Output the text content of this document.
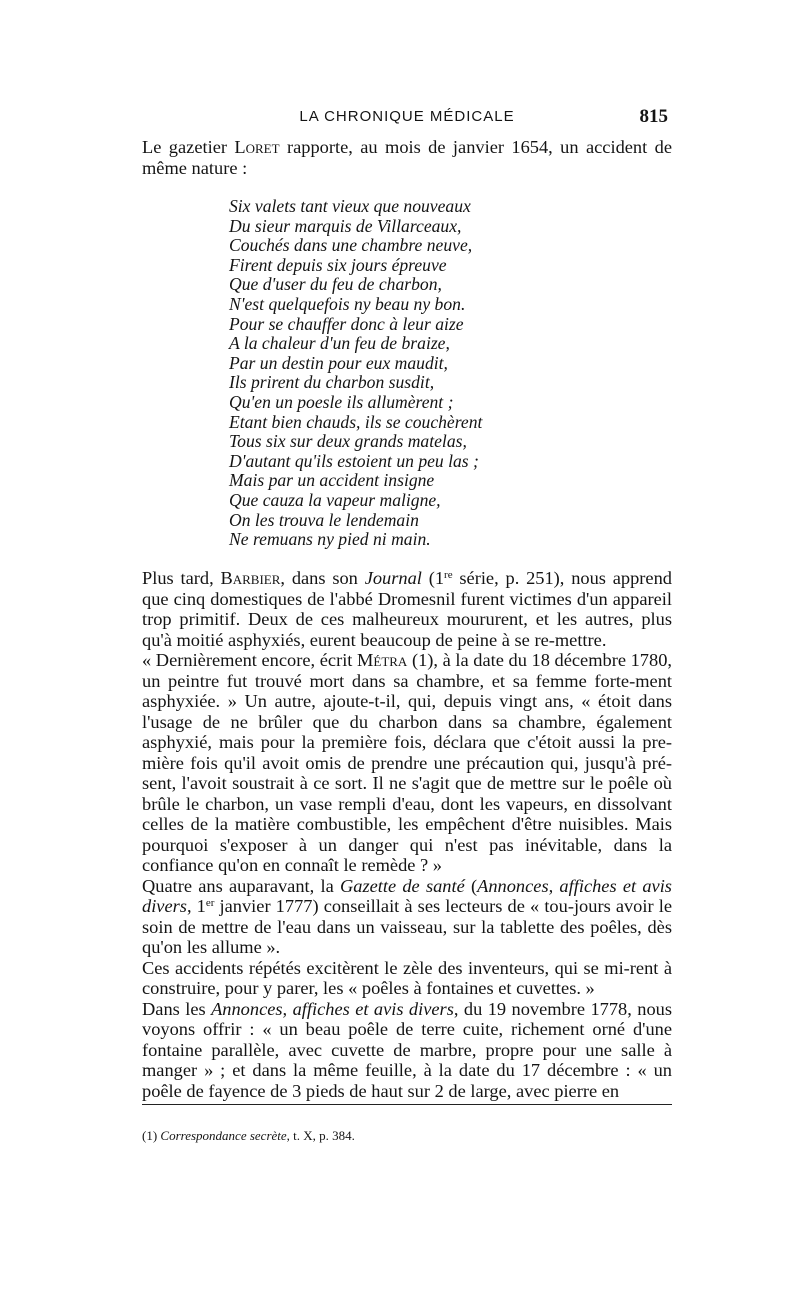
LA CHRONIQUE MÉDICALE	815

Le gazetier Loret rapporte, au mois de janvier 1654, un accident de même nature :

Six valets tant vieux que nouveaux
Du sieur marquis de Villarceaux,
Couchés dans une chambre neuve,
Firent depuis six jours épreuve
Que d'user du feu de charbon,
N'est quelquefois ny beau ny bon.
Pour se chauffer donc à leur aize
A la chaleur d'un feu de braize,
Par un destin pour eux maudit,
Ils prirent du charbon susdit,
Qu'en un poesle ils allumèrent ;
Etant bien chauds, ils se couchèrent
Tous six sur deux grands matelas,
D'autant qu'ils estoient un peu las ;
Mais par un accident insigne
Que cauza la vapeur maligne,
On les trouva le lendemain
Ne remuans ny pied ni main.

Plus tard, Barbier, dans son Journal (1re série, p. 251), nous apprend que cinq domestiques de l'abbé Dromesnil furent victimes d'un appareil trop primitif. Deux de ces malheureux moururent, et les autres, plus qu'à moitié asphyxiés, eurent beaucoup de peine à se re-mettre.

« Dernièrement encore, écrit Métra (1), à la date du 18 décembre 1780, un peintre fut trouvé mort dans sa chambre, et sa femme forte-ment asphyxiée. » Un autre, ajoute-t-il, qui, depuis vingt ans, « étoit dans l'usage de ne brûler que du charbon dans sa chambre, également asphyxié, mais pour la première fois, déclara que c'étoit aussi la pre-mière fois qu'il avoit omis de prendre une précaution qui, jusqu'à pré-sent, l'avoit soustrait à ce sort. Il ne s'agit que de mettre sur le poêle où brûle le charbon, un vase rempli d'eau, dont les vapeurs, en dissolvant celles de la matière combustible, les empêchent d'être nuisibles. Mais pourquoi s'exposer à un danger qui n'est pas inévitable, dans la confiance qu'on en connaît le remède ? »

Quatre ans auparavant, la Gazette de santé (Annonces, affiches et avis divers, 1er janvier 1777) conseillait à ses lecteurs de « tou-jours avoir le soin de mettre de l'eau dans un vaisseau, sur la tablette des poêles, dès qu'on les allume ».

Ces accidents répétés excitèrent le zèle des inventeurs, qui se mi-rent à construire, pour y parer, les « poêles à fontaines et cuvettes. »

Dans les Annonces, affiches et avis divers, du 19 novembre 1778, nous voyons offrir : « un beau poêle de terre cuite, richement orné d'une fontaine parallèle, avec cuvette de marbre, propre pour une salle à manger » ; et dans la même feuille, à la date du 17 décembre : « un poêle de fayence de 3 pieds de haut sur 2 de large, avec pierre en

(1) Correspondance secrète, t. X, p. 384.
